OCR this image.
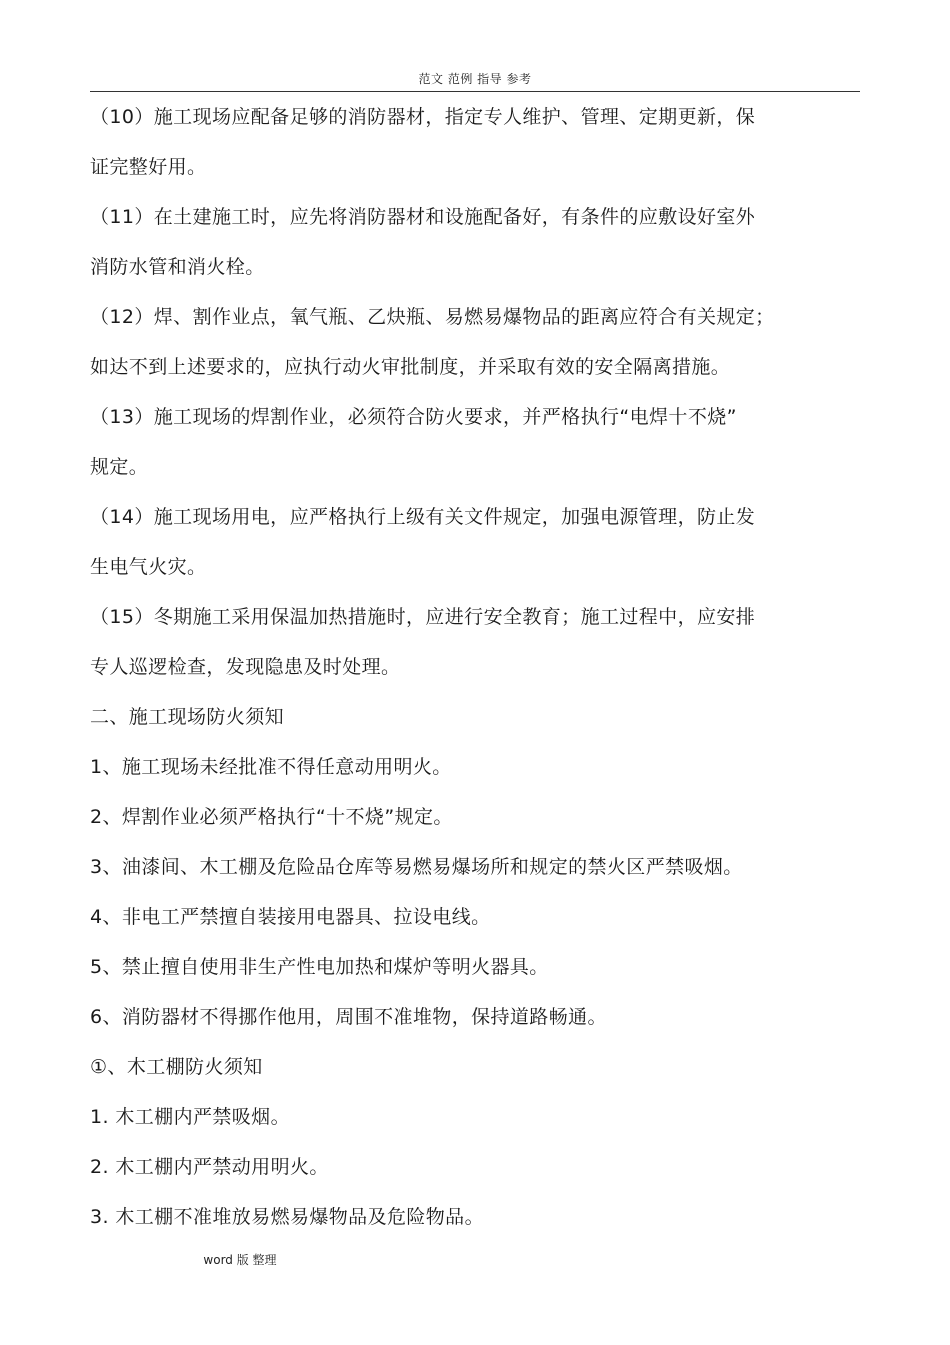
范文 范例 指导 参考
（10）施工现场应配备足够的消防器材，指定专人维护、管理、定期更新，保
证完整好用。
（11）在土建施工时，应先将消防器材和设施配备好，有条件的应敷设好室外
消防水管和消火栓。
（12）焊、割作业点，氧气瓶、乙炔瓶、易燃易爆物品的距离应符合有关规定；
如达不到上述要求的，应执行动火审批制度，并采取有效的安全隔离措施。
（13）施工现场的焊割作业，必须符合防火要求，并严格执行“电焊十不烧”
规定。
（14）施工现场用电，应严格执行上级有关文件规定，加强电源管理，防止发
生电气火灾。
（15）冬期施工采用保温加热措施时，应进行安全教育；施工过程中，应安排
专人巡逻检查，发现隐患及时处理。
二、施工现场防火须知
1、施工现场未经批准不得任意动用明火。
2、焊割作业必须严格执行“十不烧”规定。
3、油漆间、木工棚及危险品仓库等易燃易爆场所和规定的禁火区严禁吸烟。
4、非电工严禁擅自装接用电器具、拉设电线。
5、禁止擅自使用非生产性电加热和煤炉等明火器具。
6、消防器材不得挪作他用，周围不准堆物，保持道路畅通。
①、木工棚防火须知
1. 木工棚内严禁吸烟。
2. 木工棚内严禁动用明火。
3. 木工棚不准堆放易燃易爆物品及危险物品。
word 版 整理
